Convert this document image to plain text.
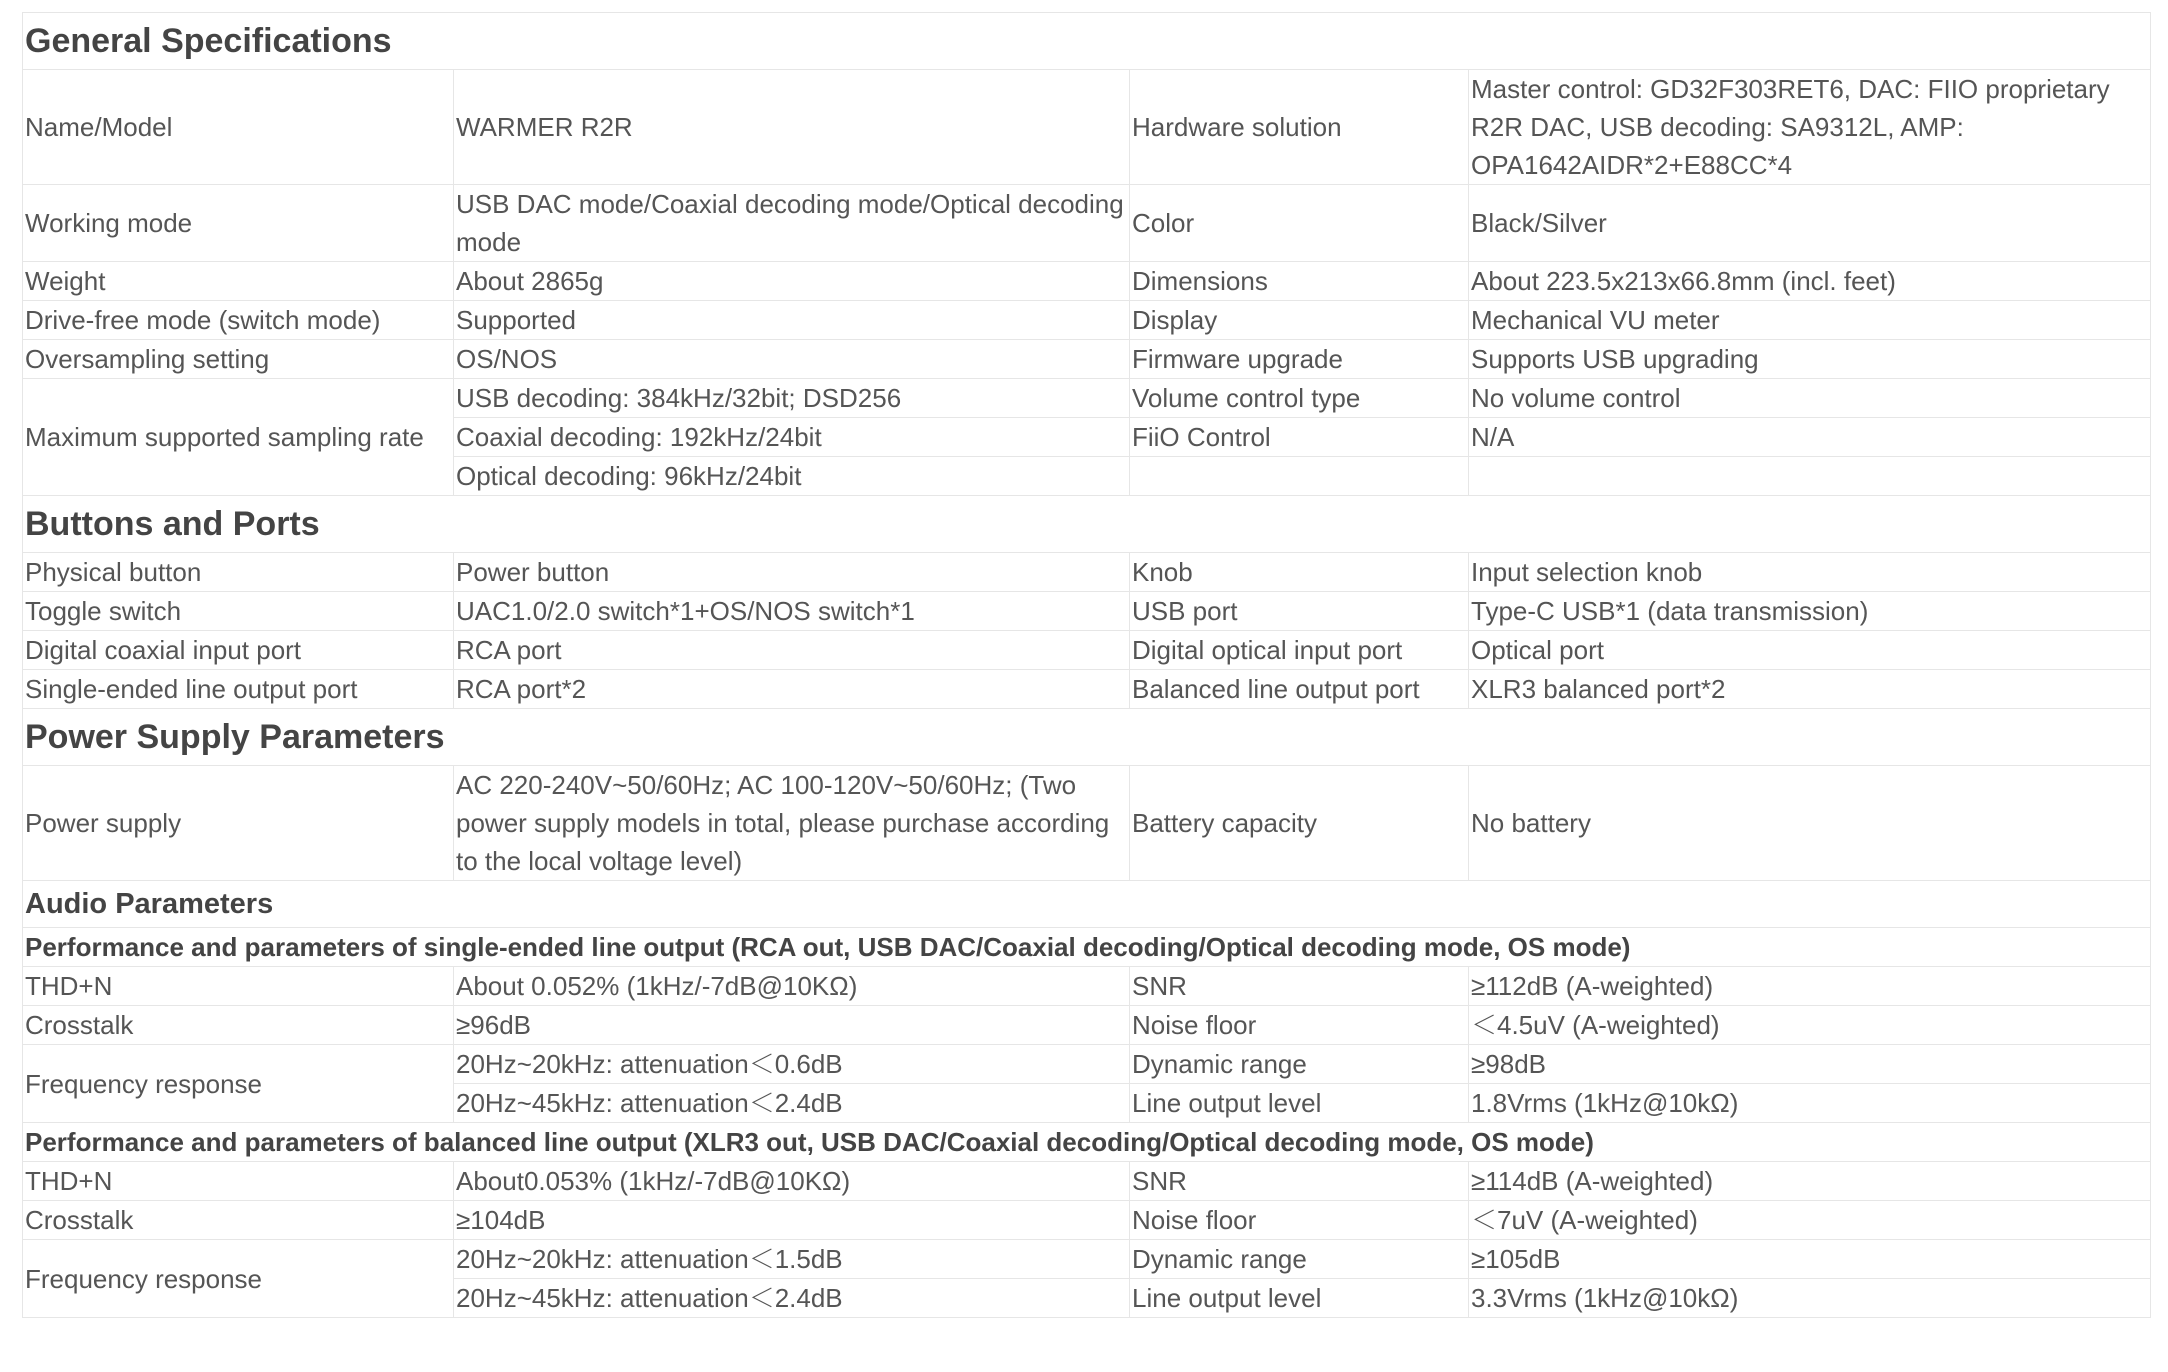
General Specifications			
Name/Model	WARMER R2R	Hardware solution	Master control: GD32F303RET6, DAC: FIIO proprietary R2R DAC, USB decoding: SA9312L, AMP: OPA1642AIDR*2+E88CC*4
Working mode	USB DAC mode/Coaxial decoding mode/Optical decoding mode	Color	Black/Silver
Weight	About 2865g	Dimensions	About 223.5x213x66.8mm (incl. feet)
Drive-free mode (switch mode)	Supported	Display	Mechanical VU meter
Oversampling setting	OS/NOS	Firmware upgrade	Supports USB upgrading
Maximum supported sampling rate	USB decoding: 384kHz/32bit; DSD256	Volume control type	No volume control
	Coaxial decoding: 192kHz/24bit	FiiO Control	N/A
	Optical decoding: 96kHz/24bit		
Buttons and Ports			
Physical button	Power button	Knob	Input selection knob
Toggle switch	UAC1.0/2.0 switch*1+OS/NOS switch*1	USB port	Type-C USB*1 (data transmission)
Digital coaxial input port	RCA port	Digital optical input port	Optical port
Single-ended line output port	RCA port*2	Balanced line output port	XLR3 balanced port*2
Power Supply Parameters			
Power supply	AC 220-240V~50/60Hz; AC 100-120V~50/60Hz; (Two power supply models in total, please purchase according to the local voltage level)	Battery capacity	No battery
Audio Parameters			
Performance and parameters of single-ended line output (RCA out, USB DAC/Coaxial decoding/Optical decoding mode, OS mode)			
THD+N	About 0.052% (1kHz/-7dB@10KΩ)	SNR	≥112dB (A-weighted)
Crosstalk	≥96dB	Noise floor	＜4.5uV (A-weighted)
Frequency response	20Hz~20kHz: attenuation＜0.6dB	Dynamic range	≥98dB
	20Hz~45kHz: attenuation＜2.4dB	Line output level	1.8Vrms (1kHz@10kΩ)
Performance and parameters of balanced line output (XLR3 out, USB DAC/Coaxial decoding/Optical decoding mode, OS mode)			
THD+N	About0.053% (1kHz/-7dB@10KΩ)	SNR	≥114dB (A-weighted)
Crosstalk	≥104dB	Noise floor	＜7uV (A-weighted)
Frequency response	20Hz~20kHz: attenuation＜1.5dB	Dynamic range	≥105dB
	20Hz~45kHz: attenuation＜2.4dB	Line output level	3.3Vrms (1kHz@10kΩ)
